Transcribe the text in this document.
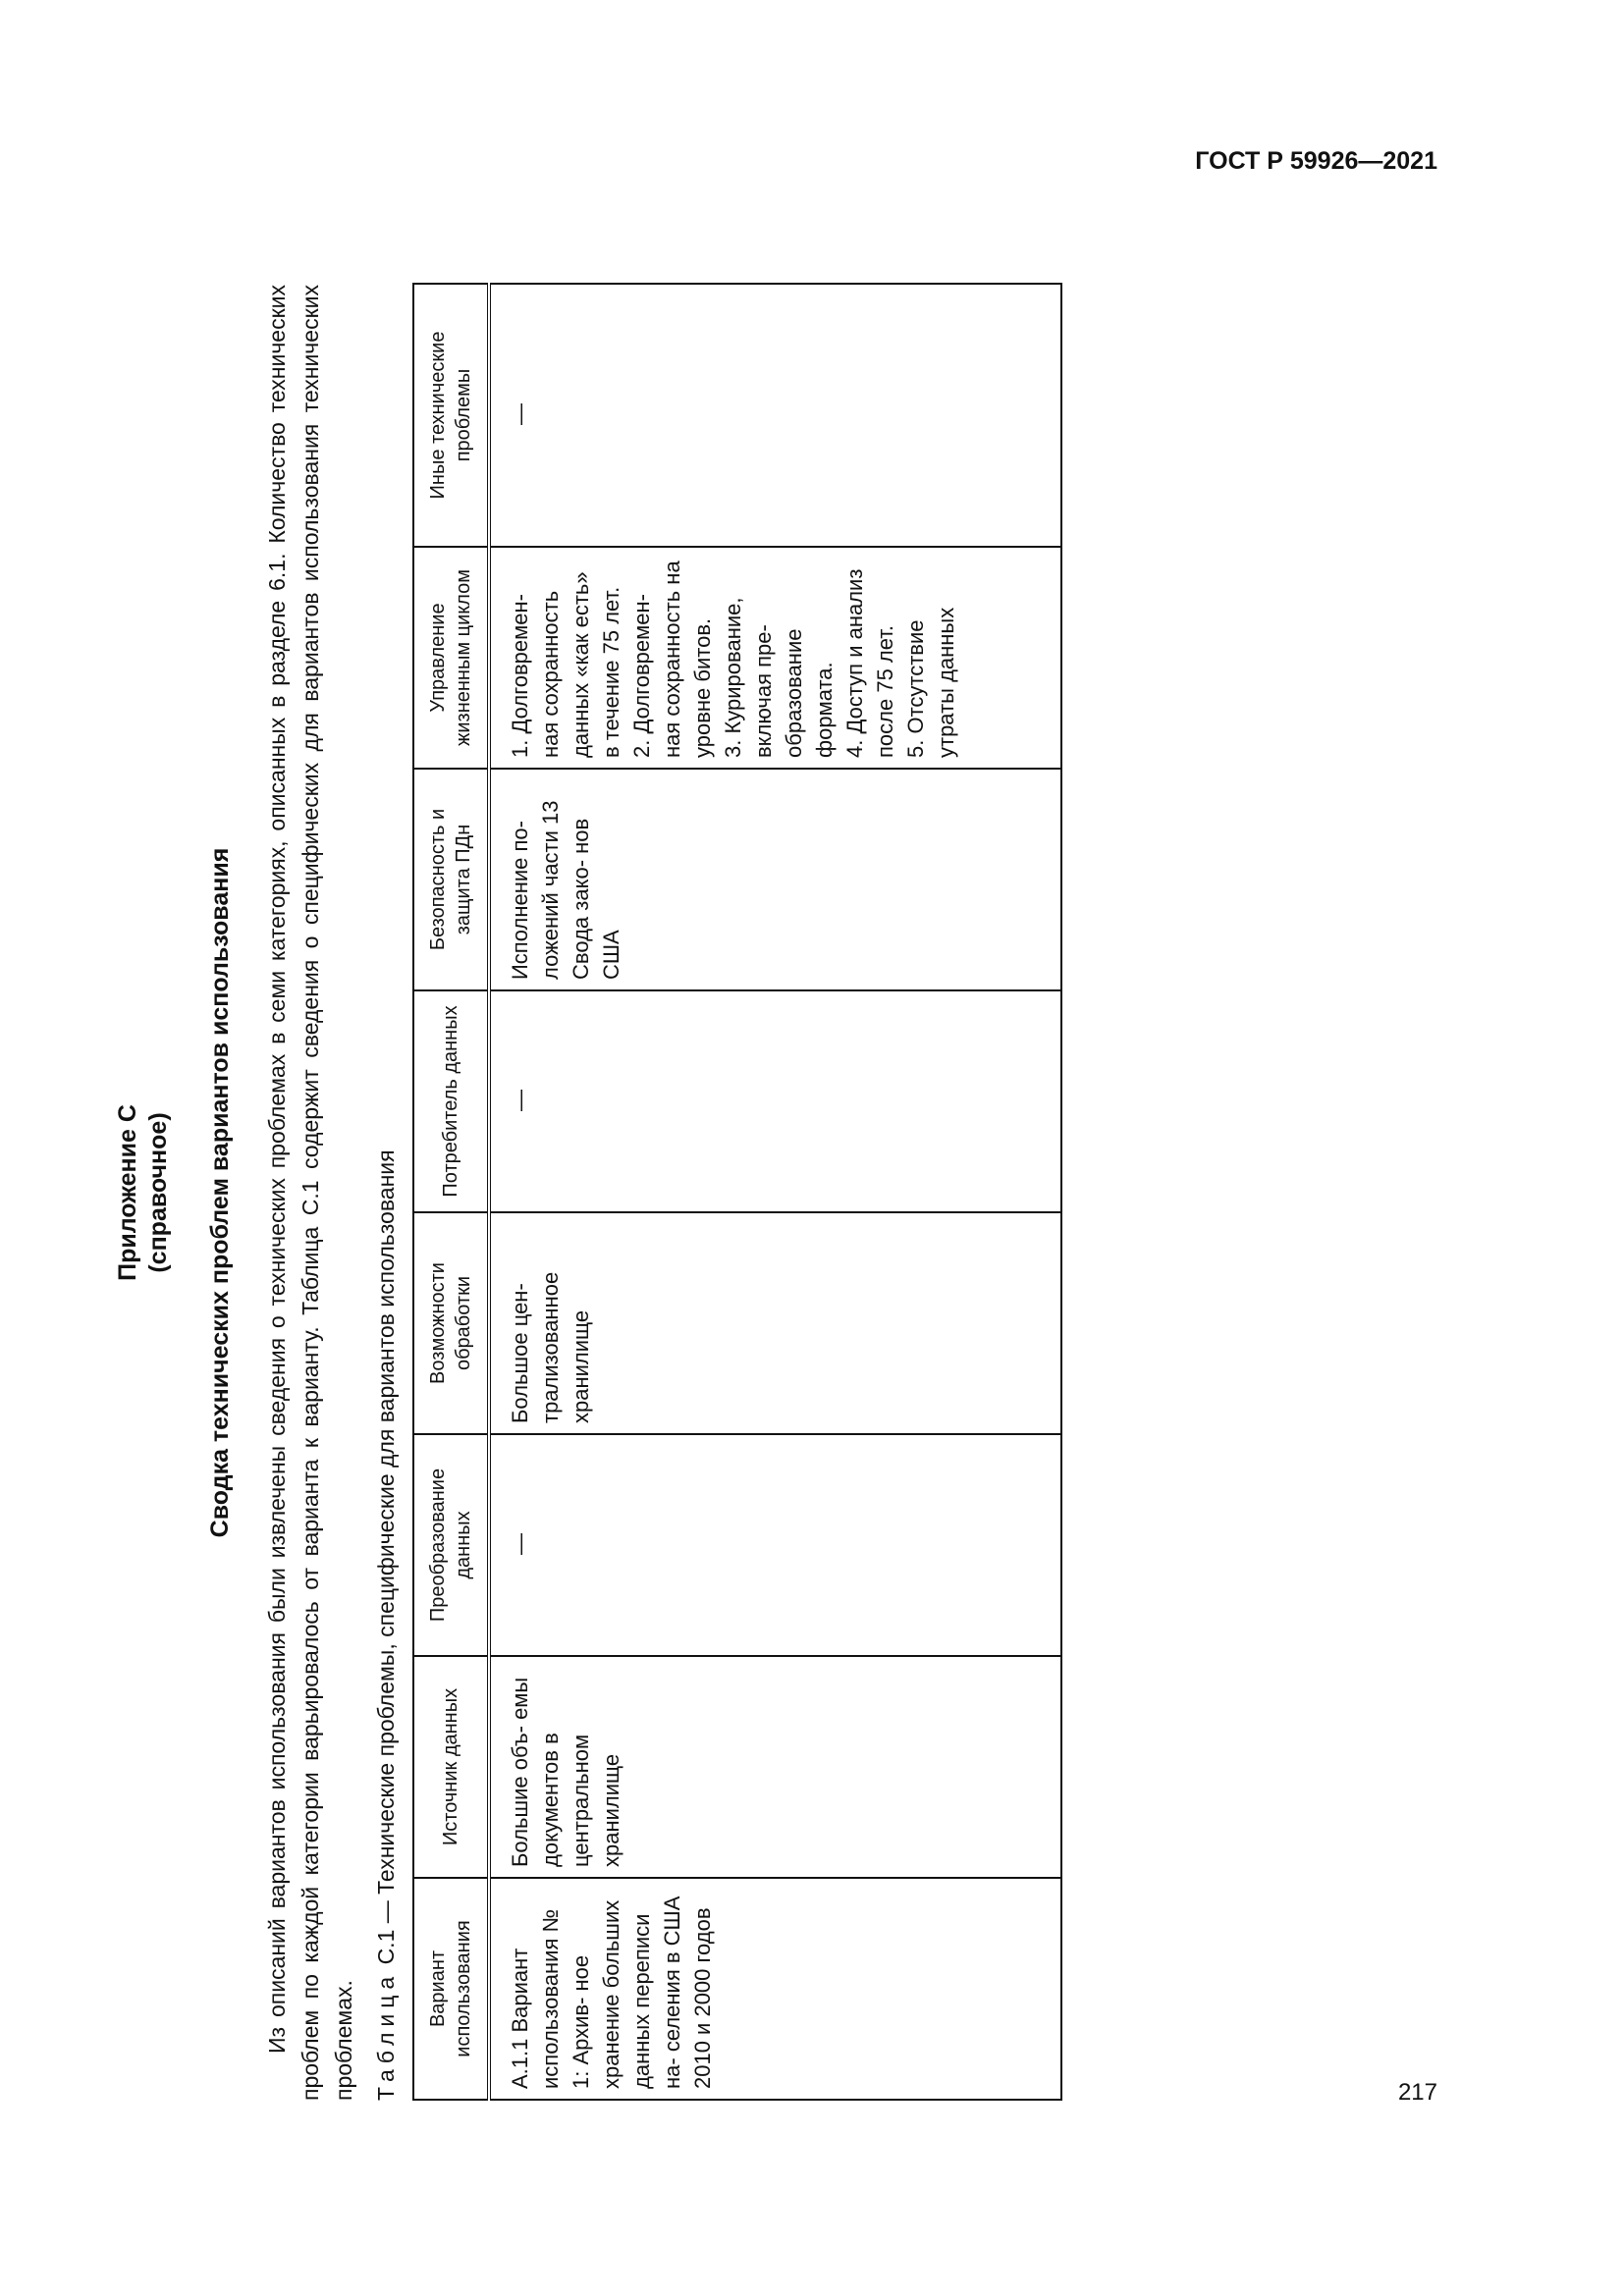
ГОСТ Р 59926—2021
Приложение С (справочное) Сводка технических проблем вариантов использования Из описаний вариантов использования были извлечены сведения о технических проблемах в семи категориях, описанных в разделе 6.1. Количество технических проблем по каждой категории варьировалось от варианта к варианту. Таблица С.1 содержит сведения о специфических для вариантов использования технических проблемах. Таблица С.1 — Технические проблемы, специфические для вариантов использования
Вариант использования	Источник данных	Преобразование данных	Возможности обработки	Потребитель данных	Безопасность и защита ПДн	Управление жизненным циклом	Иные технические проблемы
А.1.1 Вариант использования № 1: Архив- ное хранение больших данных переписи на- селения в США 2010 и 2000 годов	Большие объ- емы документов в центральном хранилище	—	Большое цен- трализованное хранилище	—	Исполнение по- ложений части 13 Свода зако- нов США	1. Долговремен- ная сохранность данных «как есть» в течение 75 лет. 2. Долговремен- ная сохранность на уровне битов. 3. Курирование, включая пре- образование формата. 4. Доступ и анализ после 75 лет. 5. Отсутствие утраты данных	—
217
